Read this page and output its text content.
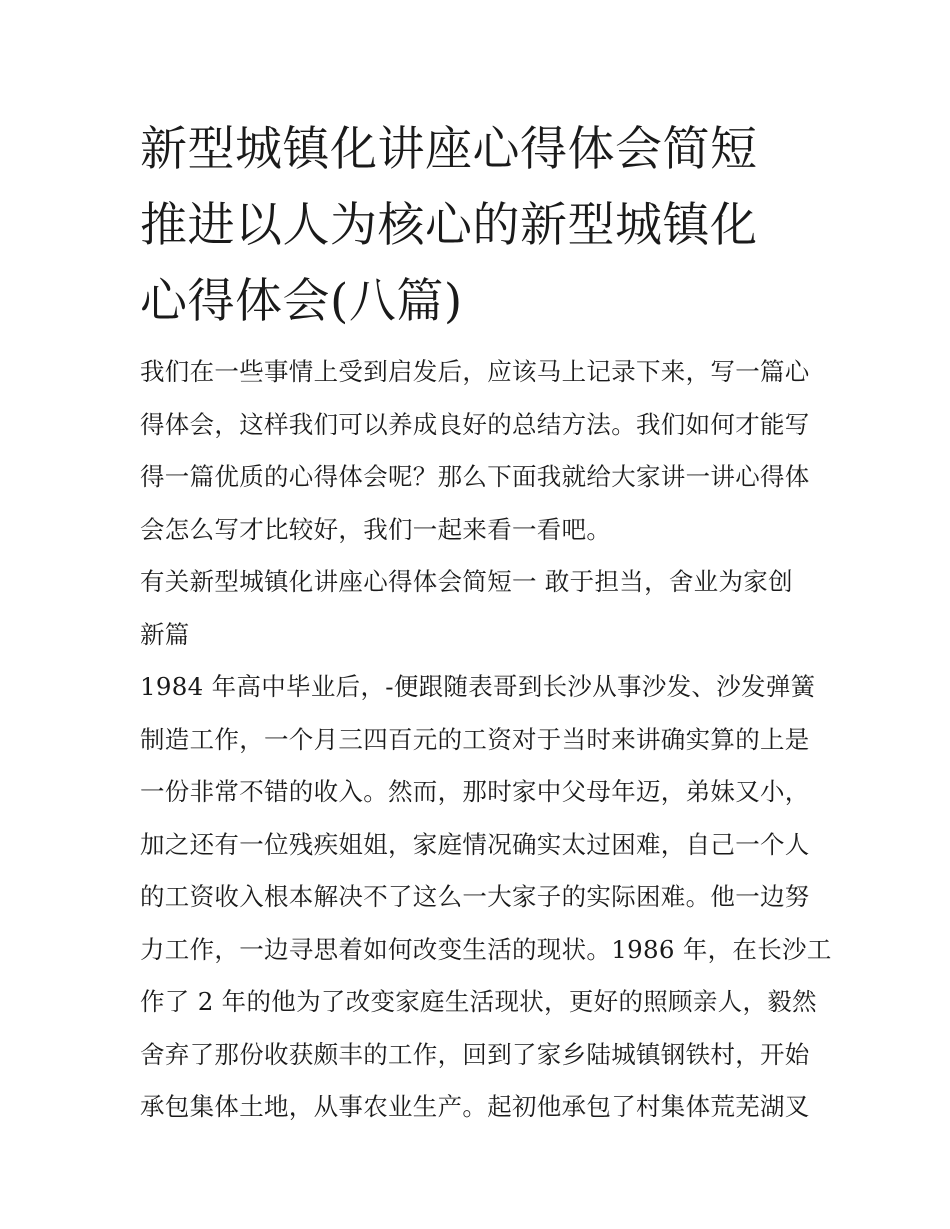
新型城镇化讲座心得体会简短
推进以人为核心的新型城镇化
心得体会(八篇)
我们在一些事情上受到启发后，应该马上记录下来，写一篇心
得体会，这样我们可以养成良好的总结方法。我们如何才能写
得一篇优质的心得体会呢？那么下面我就给大家讲一讲心得体
会怎么写才比较好，我们一起来看一看吧。
有关新型城镇化讲座心得体会简短一 敢于担当，舍业为家创
新篇
1984 年高中毕业后，-便跟随表哥到长沙从事沙发、沙发弹簧
制造工作，一个月三四百元的工资对于当时来讲确实算的上是
一份非常不错的收入。然而，那时家中父母年迈，弟妹又小，
加之还有一位残疾姐姐，家庭情况确实太过困难，自己一个人
的工资收入根本解决不了这么一大家子的实际困难。他一边努
力工作，一边寻思着如何改变生活的现状。1986 年，在长沙工
作了 2 年的他为了改变家庭生活现状，更好的照顾亲人，毅然
舍弃了那份收获颇丰的工作，回到了家乡陆城镇钢铁村，开始
承包集体土地，从事农业生产。起初他承包了村集体荒芜湖叉
